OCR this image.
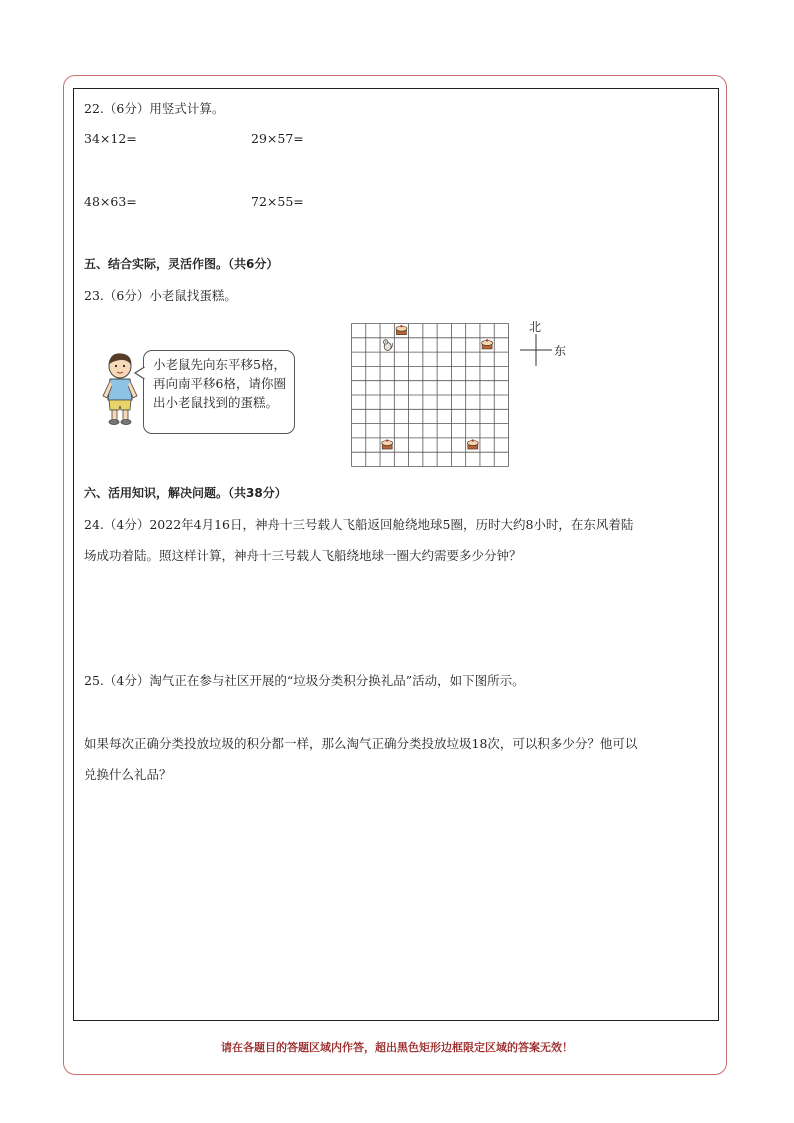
22.（6分）用竖式计算。
34×12=	29×57=
48×63=	72×55=
五、结合实际，灵活作图。（共6分）
23.（6分）小老鼠找蛋糕。
小老鼠先向东平移5格，再向南平移6格，请你圈出小老鼠找到的蛋糕。
北
东
六、活用知识，解决问题。（共38分）
24.（4分）2022年4月16日，神舟十三号载人飞船返回舱绕地球5圈，历时大约8小时，在东风着陆
场成功着陆。照这样计算，神舟十三号载人飞船绕地球一圈大约需要多少分钟？
25.（4分）淘气正在参与社区开展的“垃圾分类积分换礼品”活动，如下图所示。
如果每次正确分类投放垃圾的积分都一样，那么淘气正确分类投放垃圾18次，可以积多少分？他可以
兑换什么礼品？
请在各题目的答题区域内作答，超出黑色矩形边框限定区域的答案无效！
